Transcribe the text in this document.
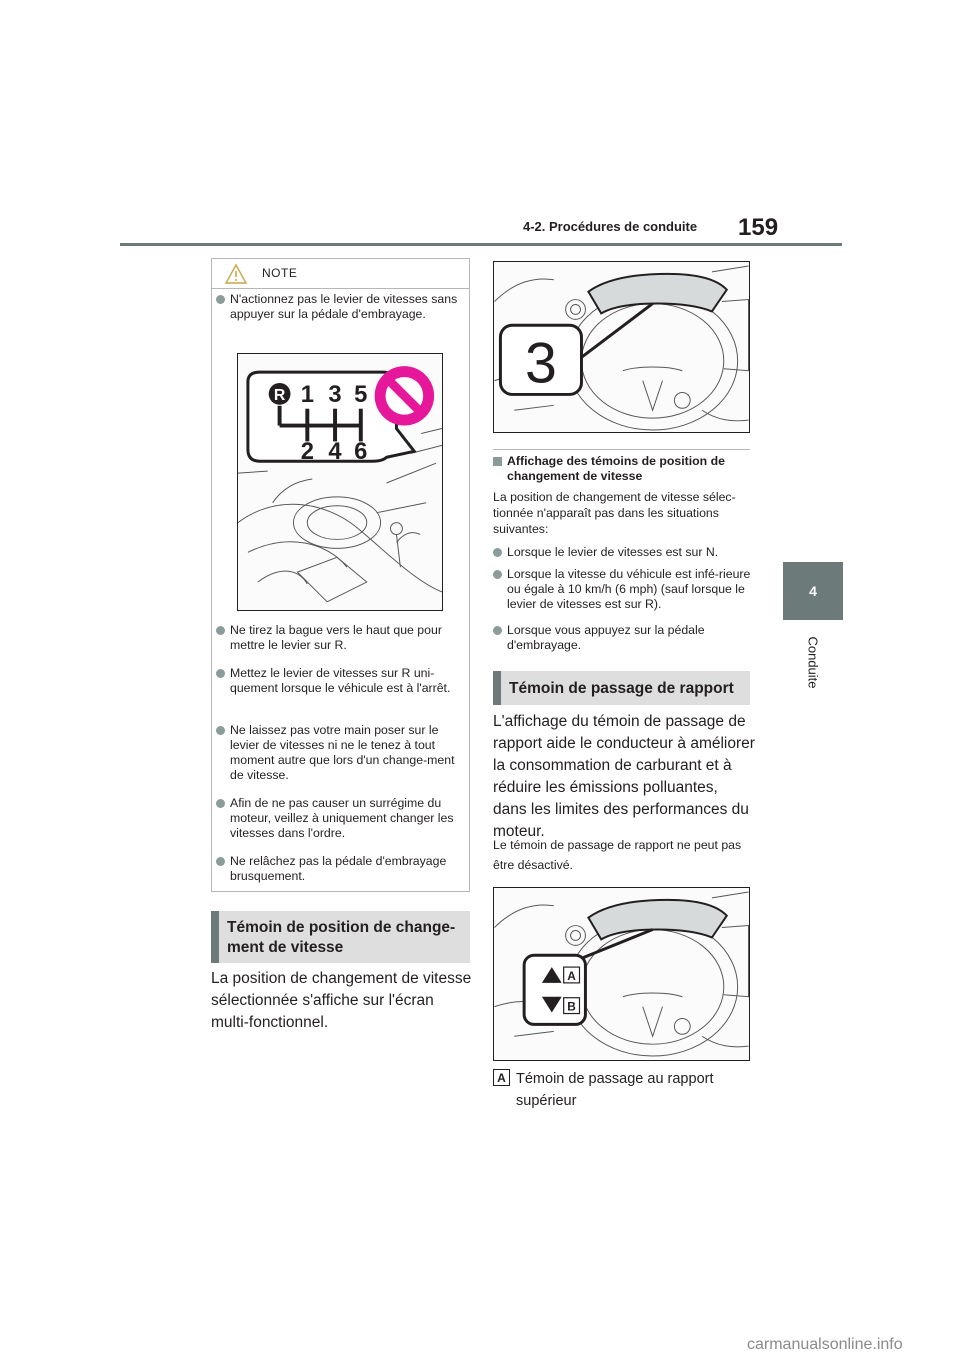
4-2. Procédures de conduite 159
4
Conduite
NOTE
N'actionnez pas le levier de vitesses sans appuyer sur la pédale d'embrayage.
R 1 3 5
2 4 6
Ne tirez la bague vers le haut que pour mettre le levier sur R.
Mettez le levier de vitesses sur R uni-quement lorsque le véhicule est à l'arrêt.
Ne laissez pas votre main poser sur le levier de vitesses ni ne le tenez à tout moment autre que lors d'un change-ment de vitesse.
Afin de ne pas causer un surrégime du moteur, veillez à uniquement changer les vitesses dans l'ordre.
Ne relâchez pas la pédale d'embrayage brusquement.
Témoin de position de change-ment de vitesse
La position de changement de vitesse sélectionnée s'affiche sur l'écran multi-fonctionnel.
3
Affichage des témoins de position de changement de vitesse
La position de changement de vitesse sélec-tionnée n'apparaît pas dans les situations suivantes:
Lorsque le levier de vitesses est sur N.
Lorsque la vitesse du véhicule est infé-rieure ou égale à 10 km/h (6 mph) (sauf lorsque le levier de vitesses est sur R).
Lorsque vous appuyez sur la pédale d'embrayage.
Témoin de passage de rapport
L'affichage du témoin de passage de rapport aide le conducteur à améliorer la consommation de carburant et à réduire les émissions polluantes, dans les limites des performances du moteur.
Le témoin de passage de rapport ne peut pas être désactivé.
A
B
A Témoin de passage au rapport supérieur
carmanualsonline.info
